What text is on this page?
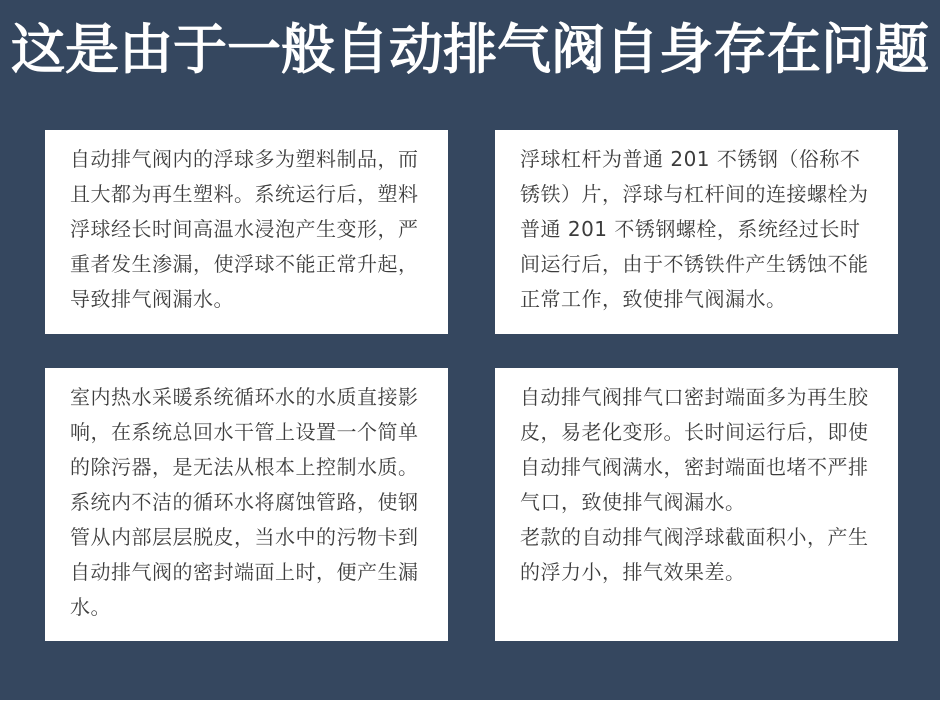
这是由于一般自动排气阀自身存在问题

自动排气阀内的浮球多为塑料制品，而且大都为再生塑料。系统运行后，塑料浮球经长时间高温水浸泡产生变形，严重者发生渗漏，使浮球不能正常升起，导致排气阀漏水。

浮球杠杆为普通 201 不锈钢（俗称不锈铁）片，浮球与杠杆间的连接螺栓为普通 201 不锈钢螺栓，系统经过长时间运行后，由于不锈铁件产生锈蚀不能正常工作，致使排气阀漏水。

室内热水采暖系统循环水的水质直接影响，在系统总回水干管上设置一个简单的除污器，是无法从根本上控制水质。系统内不洁的循环水将腐蚀管路，使钢管从内部层层脱皮，当水中的污物卡到自动排气阀的密封端面上时，便产生漏水。

自动排气阀排气口密封端面多为再生胶皮，易老化变形。长时间运行后，即使自动排气阀满水，密封端面也堵不严排气口，致使排气阀漏水。

老款的自动排气阀浮球截面积小，产生的浮力小，排气效果差。
